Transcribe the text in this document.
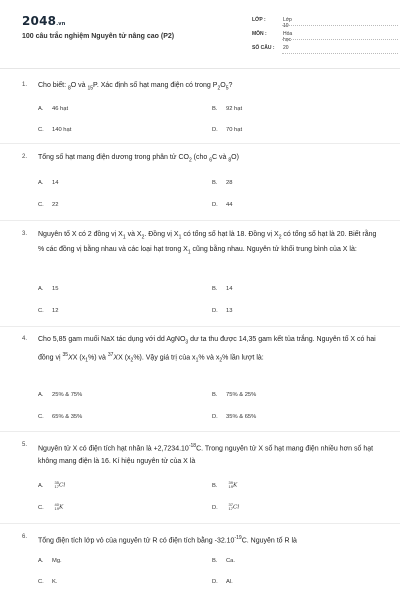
2048.vn
100 câu trắc nghiệm Nguyên tử nâng cao (P2)
LỚP :	Lớp 10
MÔN :	Hóa học
SỐ CÂU :	20
1. Cho biết: $_8$O và $_{15}$P. Xác định số hạt mang điện có trong $P_2O_5$?
A. 46 hạt	B. 92 hạt
C. 140 hạt	D. 70 hạt
2. Tổng số hạt mang điện dương trong phân tử $CO_2$ (cho $_6$C và $_8$O)
A. 14	B. 28
C. 22	D. 44
3. Nguyên tố X có 2 đồng vị $X_1$ và $X_2$. Đồng vị $X_1$ có tổng số hạt là 18. Đồng vị $X_2$ có tổng số hạt là 20. Biết rằng % các đồng vị bằng nhau và các loại hạt trong $X_1$ cũng bằng nhau. Nguyên tử khối trung bình của X là:
A. 15	B. 14
C. 12	D. 13
4. Cho 5,85 gam muối NaX tác dụng với dd AgNO$_3$ dư ta thu được 14,35 gam kết tủa trắng. Nguyên tố X có hai đồng vị $^{35}$XX $(x_1\%)$ và $^{37}$XX $(x_2\%)$. Vậy giá trị của $x_1\%$ và $x_2\%$ lần lượt là:
A. 25% & 75%	B. 75% & 25%
C. 65% & 35%	D. 35% & 65%
5.
Nguyên tử X có điện tích hạt nhân là $+2,7234.10^{-18}C$. Trong nguyên tử X số hạt mang điện nhiều hơn số hạt không mang điện là 16. Kí hiệu nguyên tử của X là
A.35
17Cl	B.39
19K
C.40
19K	D.37
17Cl
6.
Tổng điện tích lớp vỏ của nguyên tử R có điện tích bằng $-32.10^{-19}C$. Nguyên tố R là
A. Mg.	B. Ca.
C. K.	D. Al.
